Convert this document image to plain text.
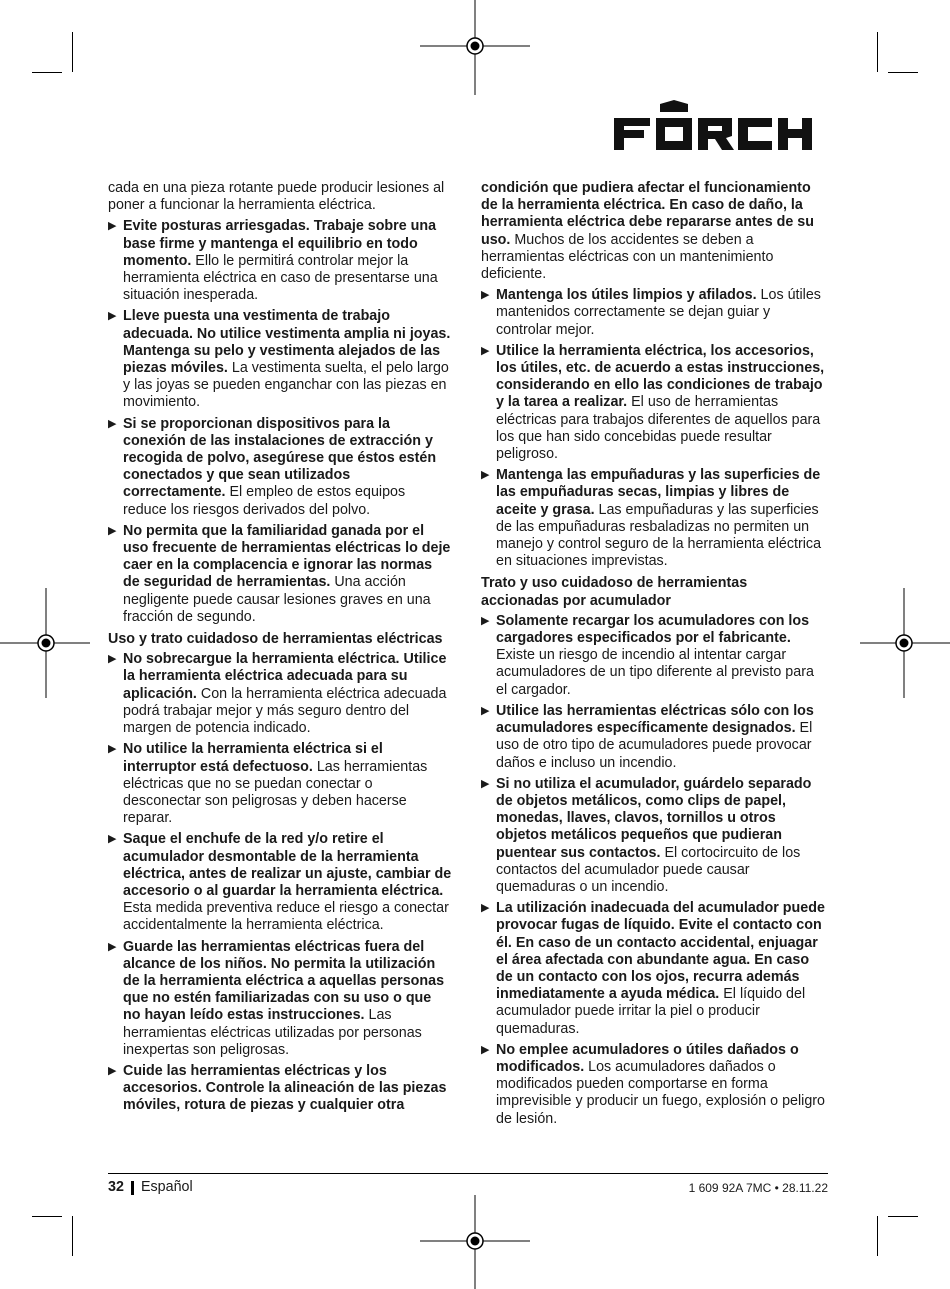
cada en una pieza rotante puede producir lesiones al poner a funcionar la herramienta eléctrica.

▶ Evite posturas arriesgadas. Trabaje sobre una base firme y mantenga el equilibrio en todo momento. Ello le permitirá controlar mejor la herramienta eléctrica en caso de presentarse una situación inesperada.
▶ Lleve puesta una vestimenta de trabajo adecuada. No utilice vestimenta amplia ni joyas. Mantenga su pelo y vestimenta alejados de las piezas móviles. La vestimenta suelta, el pelo largo y las joyas se pueden enganchar con las piezas en movimiento.
▶ Si se proporcionan dispositivos para la conexión de las instalaciones de extracción y recogida de polvo, asegúrese que éstos estén conectados y que sean utilizados correctamente. El empleo de estos equipos reduce los riesgos derivados del polvo.
▶ No permita que la familiaridad ganada por el uso frecuente de herramientas eléctricas lo deje caer en la complacencia e ignorar las normas de seguridad de herramientas. Una acción negligente puede causar lesiones graves en una fracción de segundo.
Uso y trato cuidadoso de herramientas eléctricas
▶ No sobrecargue la herramienta eléctrica. Utilice la herramienta eléctrica adecuada para su aplicación. Con la herramienta eléctrica adecuada podrá trabajar mejor y más seguro dentro del margen de potencia indicado.
▶ No utilice la herramienta eléctrica si el interruptor está defectuoso. Las herramientas eléctricas que no se puedan conectar o desconectar son peligrosas y deben hacerse reparar.
▶ Saque el enchufe de la red y/o retire el acumulador desmontable de la herramienta eléctrica, antes de realizar un ajuste, cambiar de accesorio o al guardar la herramienta eléctrica. Esta medida preventiva reduce el riesgo a conectar accidentalmente la herramienta eléctrica.
▶ Guarde las herramientas eléctricas fuera del alcance de los niños. No permita la utilización de la herramienta eléctrica a aquellas personas que no estén familiarizadas con su uso o que no hayan leído estas instrucciones. Las herramientas eléctricas utilizadas por personas inexpertas son peligrosas.
▶ Cuide las herramientas eléctricas y los accesorios. Controle la alineación de las piezas móviles, rotura de piezas y cualquier otra

condición que pudiera afectar el funcionamiento de la herramienta eléctrica. En caso de daño, la herramienta eléctrica debe repararse antes de su uso. Muchos de los accidentes se deben a herramientas eléctricas con un mantenimiento deficiente.

▶ Mantenga los útiles limpios y afilados. Los útiles mantenidos correctamente se dejan guiar y controlar mejor.
▶ Utilice la herramienta eléctrica, los accesorios, los útiles, etc. de acuerdo a estas instrucciones, considerando en ello las condiciones de trabajo y la tarea a realizar. El uso de herramientas eléctricas para trabajos diferentes de aquellos para los que han sido concebidas puede resultar peligroso.
▶ Mantenga las empuñaduras y las superficies de las empuñaduras secas, limpias y libres de aceite y grasa. Las empuñaduras y las superficies de las empuñaduras resbaladizas no permiten un manejo y control seguro de la herramienta eléctrica en situaciones imprevistas.
Trato y uso cuidadoso de herramientas accionadas por acumulador
▶ Solamente recargar los acumuladores con los cargadores especificados por el fabricante. Existe un riesgo de incendio al intentar cargar acumuladores de un tipo diferente al previsto para el cargador.
▶ Utilice las herramientas eléctricas sólo con los acumuladores específicamente designados. El uso de otro tipo de acumuladores puede provocar daños e incluso un incendio.
▶ Si no utiliza el acumulador, guárdelo separado de objetos metálicos, como clips de papel, monedas, llaves, clavos, tornillos u otros objetos metálicos pequeños que pudieran puentear sus contactos. El cortocircuito de los contactos del acumulador puede causar quemaduras o un incendio.
▶ La utilización inadecuada del acumulador puede provocar fugas de líquido. Evite el contacto con él. En caso de un contacto accidental, enjuagar el área afectada con abundante agua. En caso de un contacto con los ojos, recurra además inmediatamente a ayuda médica. El líquido del acumulador puede irritar la piel o producir quemaduras.
▶ No emplee acumuladores o útiles dañados o modificados. Los acumuladores dañados o modificados pueden comportarse en forma imprevisible y producir un fuego, explosión o peligro de lesión.
32 Español	1 609 92A 7MC • 28.11.22
